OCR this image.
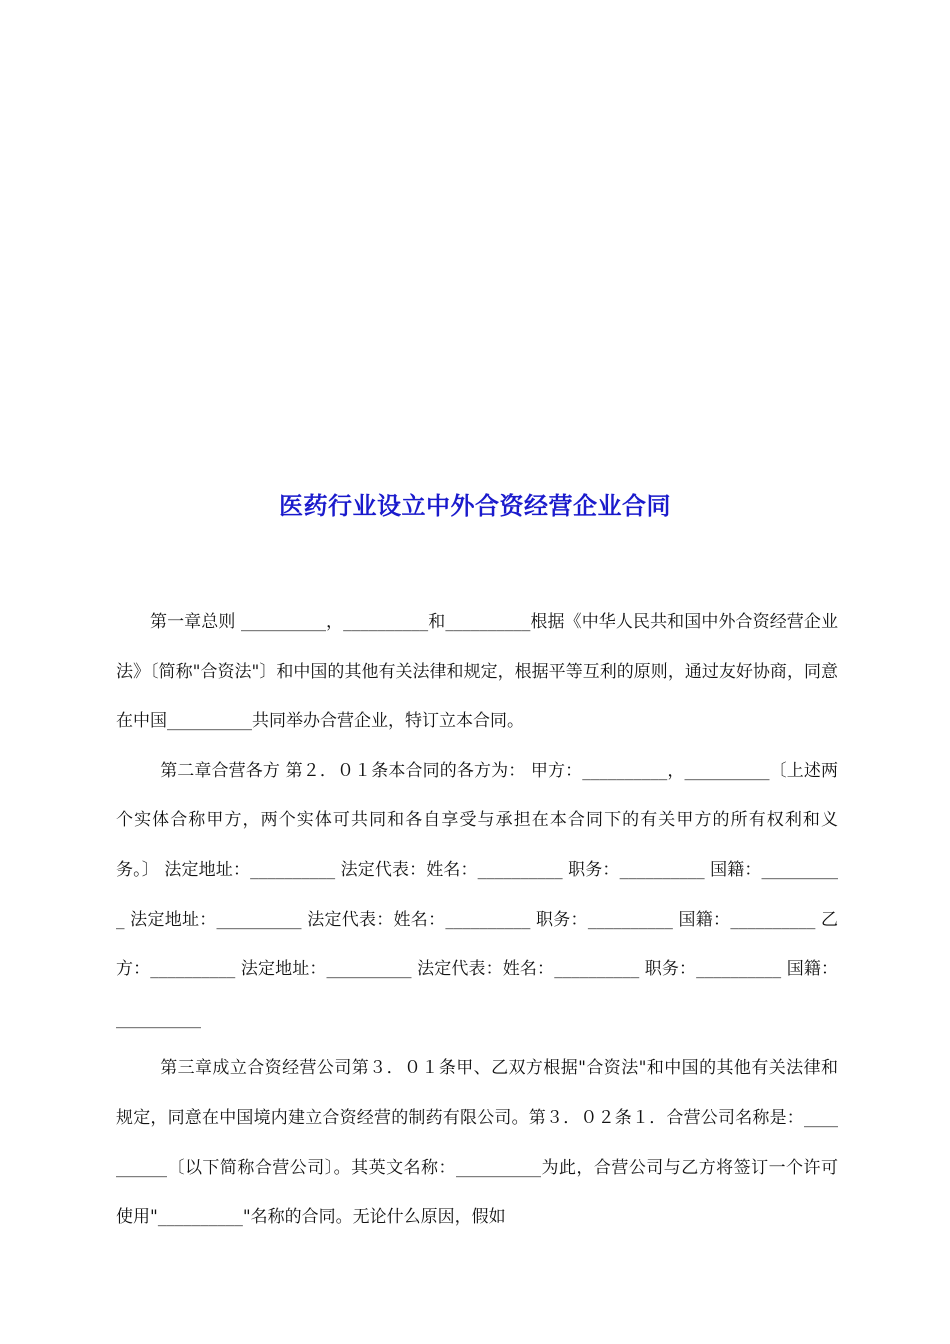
医药行业设立中外合资经营企业合同

第一章总则 __________，__________和__________根据《中华人民共和国中外合资经营企业法》〔简称"合资法"〕和中国的其他有关法律和规定，根据平等互利的原则，通过友好协商，同意在中国__________共同举办合营企业，特订立本合同。

第二章合营各方 第２．０１条本合同的各方为： 甲方：__________，__________〔上述两个实体合称甲方，两个实体可共同和各自享受与承担在本合同下的有关甲方的所有权利和义务。〕 法定地址：__________ 法定代表：姓名：__________ 职务：__________ 国籍：__________ 法定地址：__________ 法定代表：姓名：__________ 职务：__________ 国籍：__________ 乙方：__________ 法定地址：__________ 法定代表：姓名：__________ 职务：__________ 国籍：__________

第三章成立合资经营公司第３．０１条甲、乙双方根据"合资法"和中国的其他有关法律和规定，同意在中国境内建立合资经营的制药有限公司。第３．０２条１．合营公司名称是：__________〔以下简称合营公司〕。其英文名称：__________为此，合营公司与乙方将签订一个许可使用"__________"名称的合同。无论什么原因，假如
